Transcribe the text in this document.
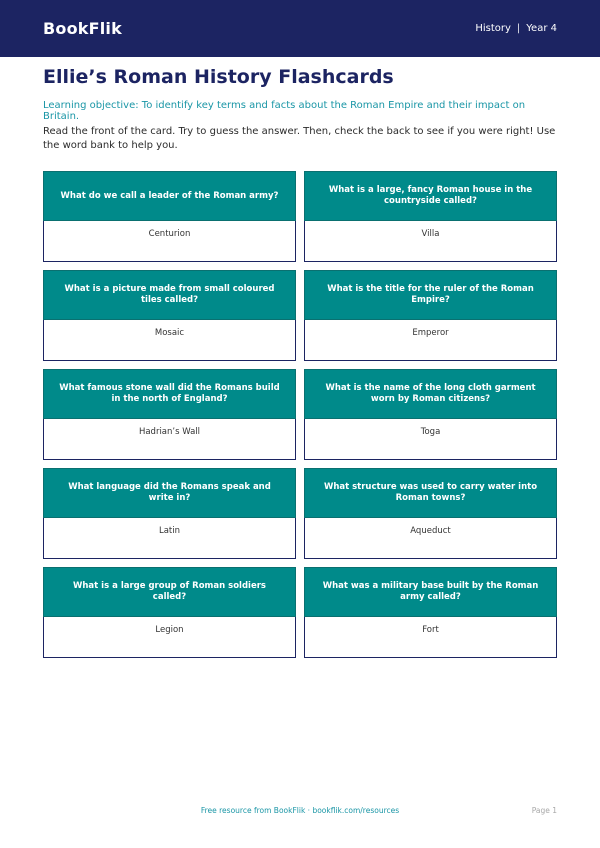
BookFlik	History | Year 4
Ellie’s Roman History Flashcards

Learning objective: To identify key terms and facts about the Roman Empire and their impact on Britain.

Read the front of the card. Try to guess the answer. Then, check the back to see if you were right! Use the word bank to help you.

What do we call a leader of the Roman army?
Centurion
What is a large, fancy Roman house in the countryside called?
Villa
What is a picture made from small coloured tiles called?
Mosaic
What is the title for the ruler of the Roman Empire?
Emperor
What famous stone wall did the Romans build in the north of England?
Hadrian’s Wall
What is the name of the long cloth garment worn by Roman citizens?
Toga
What language did the Romans speak and write in?
Latin
What structure was used to carry water into Roman towns?
Aqueduct
What is a large group of Roman soldiers called?
Legion
What was a military base built by the Roman army called?
Fort
Free resource from BookFlik · bookflik.com/resources	Page 1
